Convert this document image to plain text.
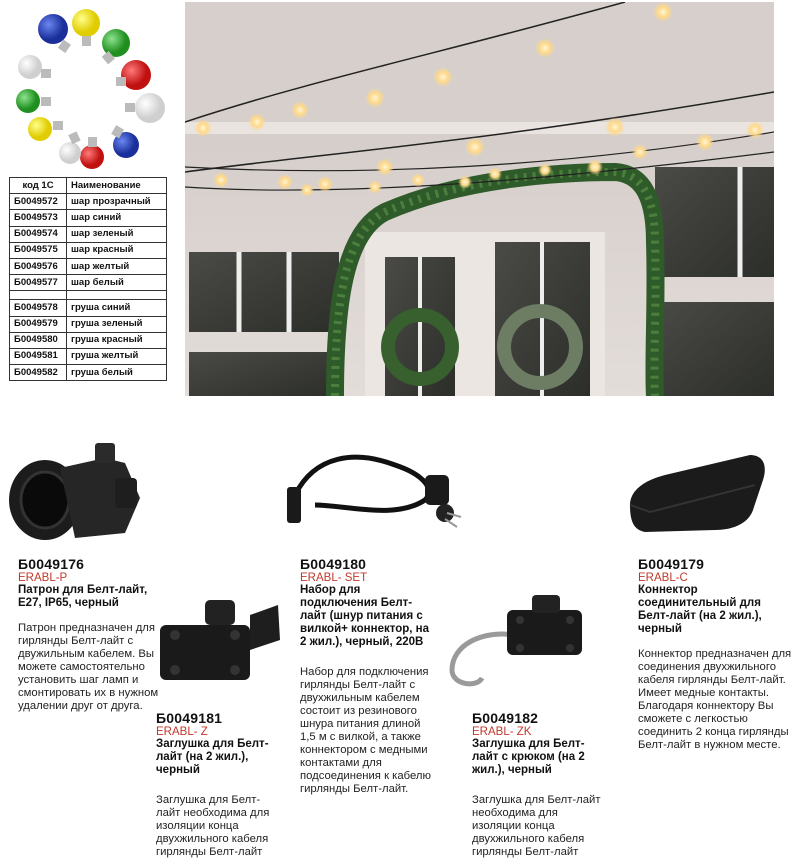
код 1С	Наименование
Б0049572	шар прозрачный
Б0049573	шар синий
Б0049574	шар зеленый
Б0049575	шар красный
Б0049576	шар желтый
Б0049577	шар белый

Б0049578	груша синий
Б0049579	груша зеленый
Б0049580	груша красный
Б0049581	груша желтый
Б0049582	груша белый
Б0049176
ERABL-P
Патрон для Белт-лайт, Е27, IP65, черный
Патрон предназначен для гирлянды Белт-лайт с двужильным кабелем. Вы можете самостоятельно установить шаг ламп и смонтировать их в нужном удалении друг от друга.
Б0049180
ERABL- SET
Набор для подключения Белт-лайт (шнур питания с вилкой+ коннектор, на 2 жил.), черный, 220В
Набор для подключения гирлянды Белт-лайт с двухжильным кабелем состоит из резинового шнура питания длиной 1,5 м с вилкой, а также коннектором с медными контактами для подсоединения к кабелю гирлянды Белт-лайт.
Б0049179
ERABL-C
Коннектор соединительный для Белт-лайт (на 2 жил.), черный
Коннектор предназначен для соединения двухжильного кабеля гирлянды Белт-лайт. Имеет медные контакты. Благодаря коннектору Вы сможете с легкостью соединить 2 конца гирлянды Белт-лайт в нужном месте.
Б0049181
ERABL- Z
Заглушка для Белт-лайт (на 2 жил.), черный
Заглушка для Белт-лайт необходима для изоляции конца двухжильного кабеля гирлянды Белт-лайт
Б0049182
ERABL- ZK
Заглушка для Белт-лайт с крюком (на 2 жил.), черный
Заглушка для Белт-лайт необходима для изоляции конца двухжильного кабеля гирлянды Белт-лайт
